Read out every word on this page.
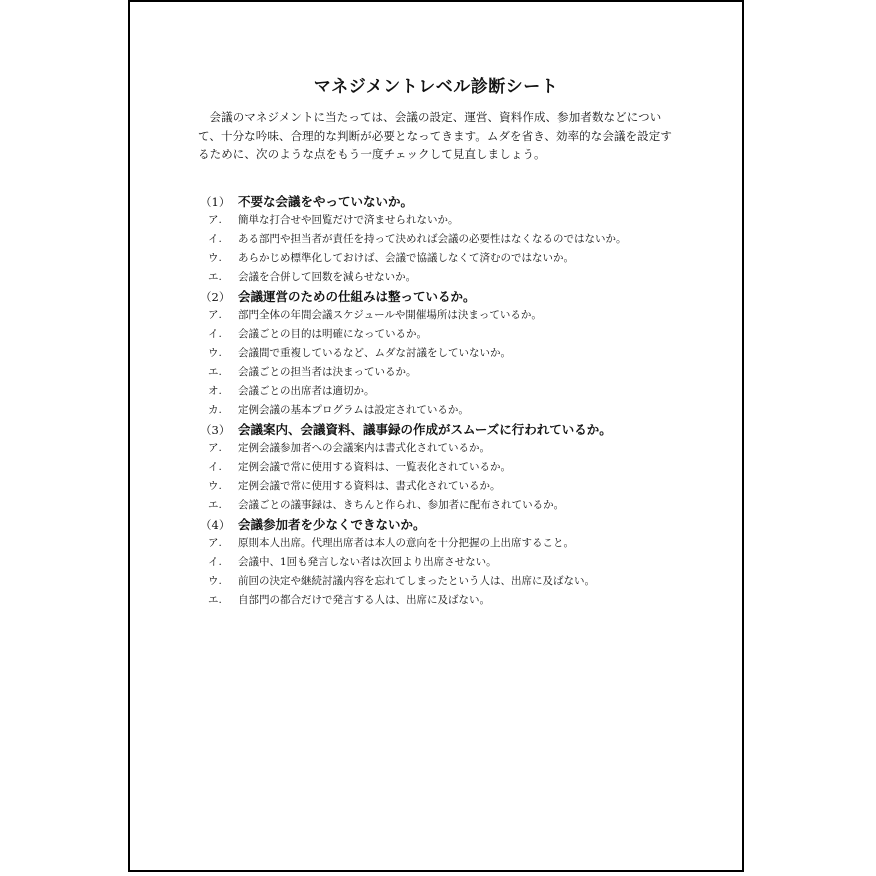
マネジメントレベル診断シート
会議のマネジメントに当たっては、会議の設定、運営、資料作成、参加者数などについて、十分な吟味、合理的な判断が必要となってきます。ムダを省き、効率的な会議を設定するために、次のような点をもう一度チェックして見直しましょう。
（1） 不要な会議をやっていないか。
ア.	簡単な打合せや回覧だけで済ませられないか。
イ.	ある部門や担当者が責任を持って決めれば会議の必要性はなくなるのではないか。
ウ.	あらかじめ標準化しておけば、会議で協議しなくて済むのではないか。
エ.	会議を合併して回数を減らせないか。
（2） 会議運営のための仕組みは整っているか。
ア.	部門全体の年間会議スケジュールや開催場所は決まっているか。
イ.	会議ごとの目的は明確になっているか。
ウ.	会議間で重複しているなど、ムダな討議をしていないか。
エ.	会議ごとの担当者は決まっているか。
オ.	会議ごとの出席者は適切か。
カ.	定例会議の基本プログラムは設定されているか。
（3） 会議案内、会議資料、議事録の作成がスムーズに行われているか。
ア.	定例会議参加者への会議案内は書式化されているか。
イ.	定例会議で常に使用する資料は、一覧表化されているか。
ウ.	定例会議で常に使用する資料は、書式化されているか。
エ.	会議ごとの議事録は、きちんと作られ、参加者に配布されているか。
（4） 会議参加者を少なくできないか。
ア.	原則本人出席。代理出席者は本人の意向を十分把握の上出席すること。
イ.	会議中、1回も発言しない者は次回より出席させない。
ウ.	前回の決定や継続討議内容を忘れてしまったという人は、出席に及ばない。
エ.	自部門の都合だけで発言する人は、出席に及ばない。
